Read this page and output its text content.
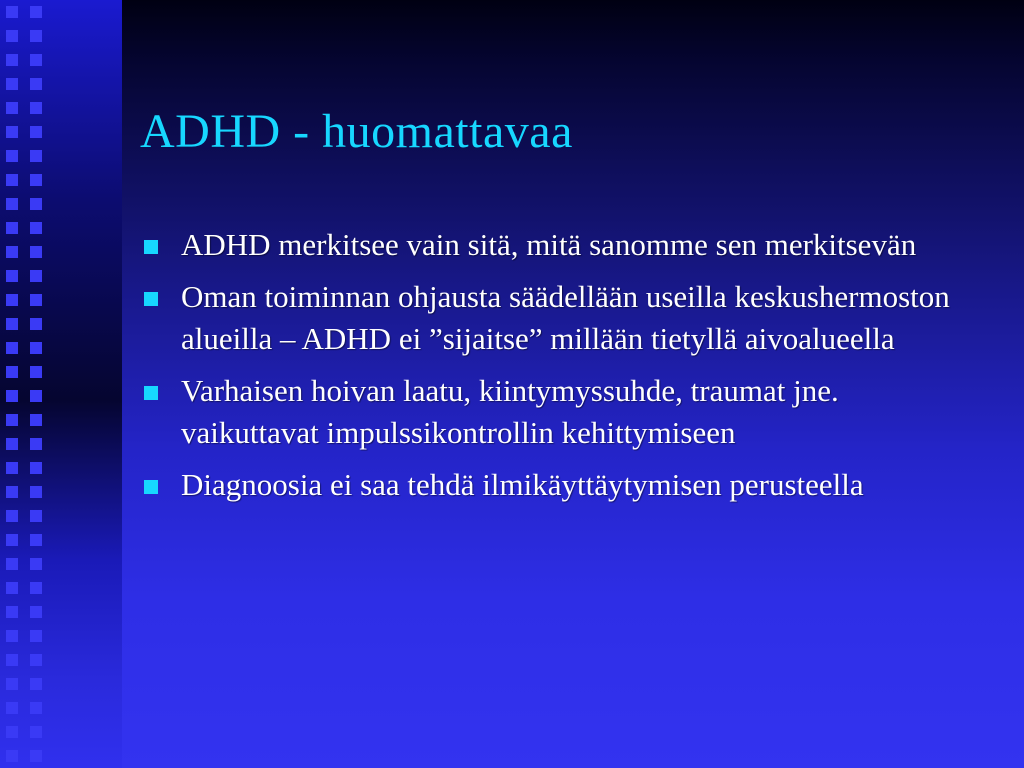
ADHD - huomattavaa
ADHD merkitsee vain sitä, mitä sanomme sen merkitsevän
Oman toiminnan ohjausta säädellään useilla keskushermoston alueilla – ADHD ei ”sijaitse” millään tietyllä aivoalueella
Varhaisen hoivan laatu, kiintymyssuhde, traumat jne. vaikuttavat impulssikontrollin kehittymiseen
Diagnoosia ei saa tehdä ilmikäyttäytymisen perusteella
